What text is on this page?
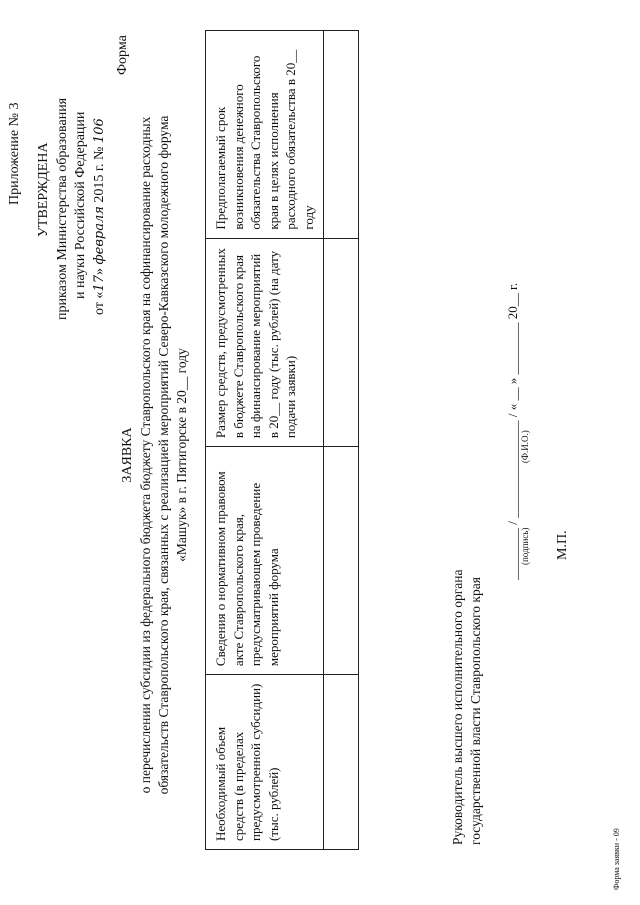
Приложение № 3 УТВЕРЖДЕНА приказом Министерства образования и науки Российской Федерации
от «17» февраля 2015 г. № 106
Форма
ЗАЯВКА о перечислении субсидии из федерального бюджета бюджету Ставропольского края на софинансирование расходных обязательств Ставропольского края, связанных с реализацией мероприятий Северо-Кавказского молодежного форума «Машук» в г. Пятигорске в 20__ году
Необходимый объем средств (в пределах предусмотренной субсидии) (тыс. рублей)	Сведения о нормативном правовом акте Ставропольского края, предусматривающем проведение мероприятий форума	Размер средств, предусмотренных в бюджете Ставропольского края на финансирование мероприятий в 20__ году (тыс. рублей) (на дату подачи заявки)	Предполагаемый срок возникновения денежного обязательства Ставропольского края в целях исполнения расходного обязательства в 20__ году

Руководитель высшего исполнительного органа государственной власти Ставропольского края
________ / _______________ / « __ » ________ 20__ г. (подпись)  (Ф.И.О.)
М.П.
Форма заявки - 09
